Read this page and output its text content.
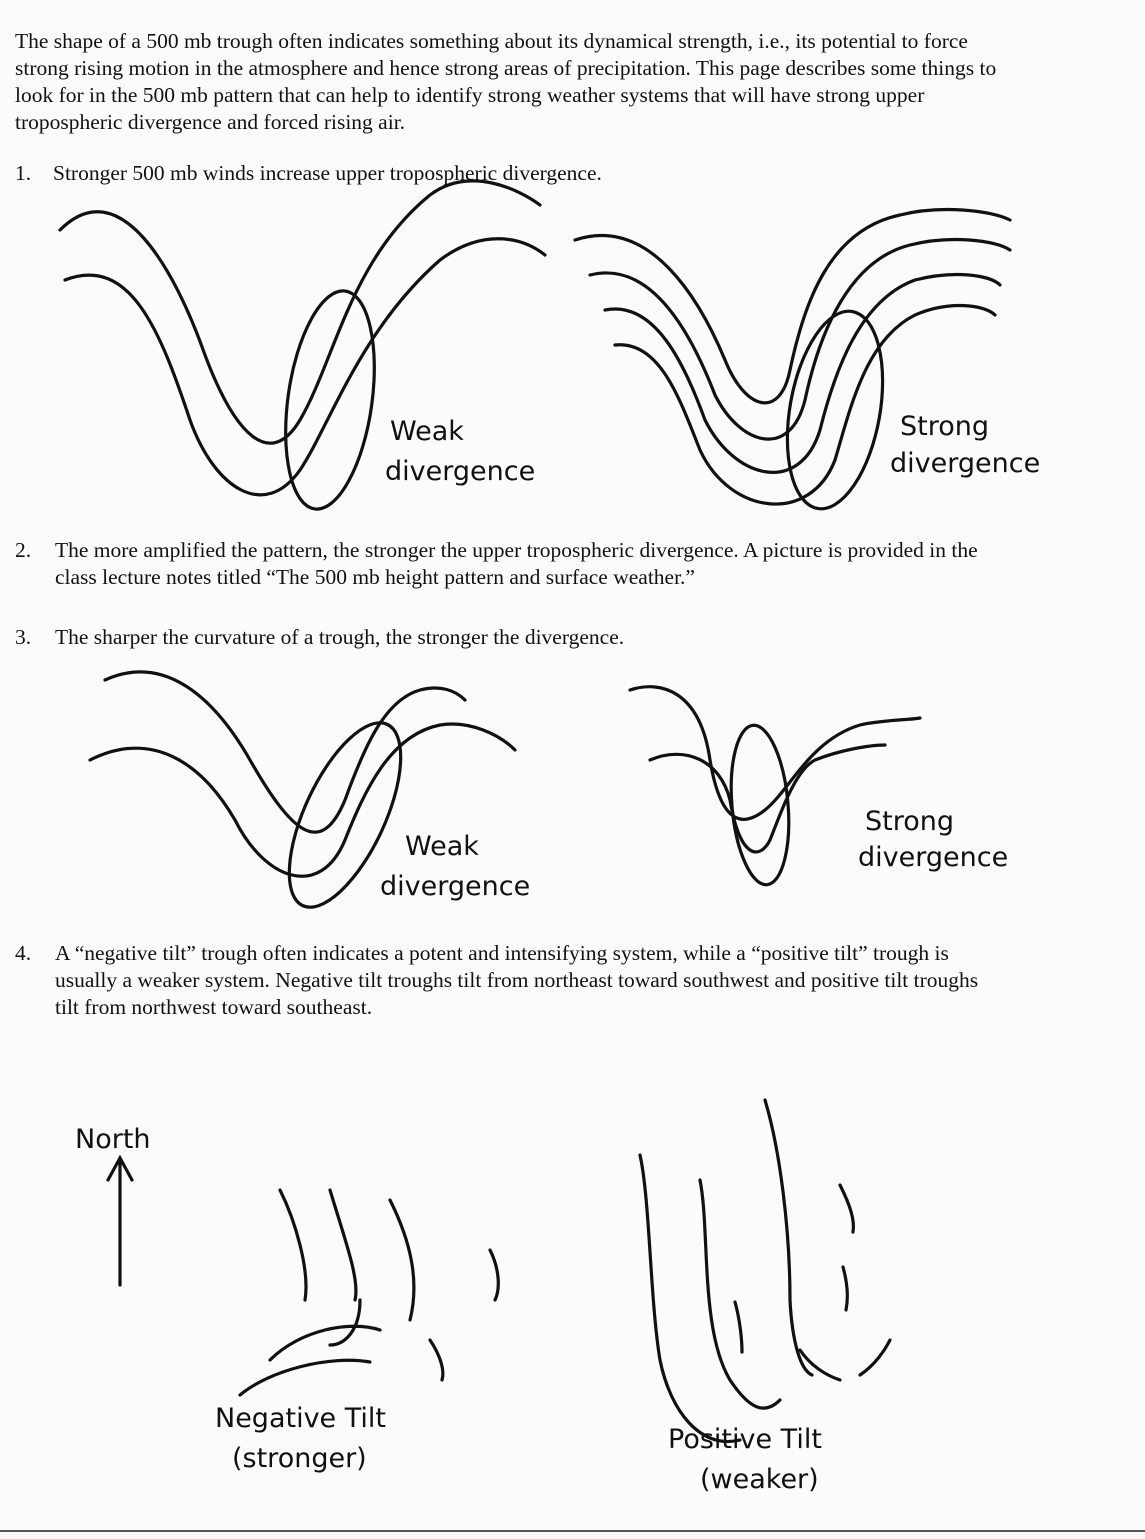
The shape of a 500 mb trough often indicates something about its dynamical strength, i.e., its potential to force strong rising motion in the atmosphere and hence strong areas of precipitation. This page describes some things to look for in the 500 mb pattern that can help to identify strong weather systems that will have strong upper tropospheric divergence and forced rising air.

1.	Stronger 500 mb winds increase upper tropospheric divergence.
2.	The more amplified the pattern, the stronger the upper tropospheric divergence. A picture is provided in the class lecture notes titled “The 500 mb height pattern and surface weather.”
3.	The sharper the curvature of a trough, the stronger the divergence.
4.	A “negative tilt” trough often indicates a potent and intensifying system, while a “positive tilt” trough is usually a weaker system. Negative tilt troughs tilt from northeast toward southwest and positive tilt troughs tilt from northwest toward southeast.
Weak
divergence
Strong
divergence
Weak
divergence
Strong
divergence
North
Negative Tilt
(stronger)
Positive Tilt
(weaker)
